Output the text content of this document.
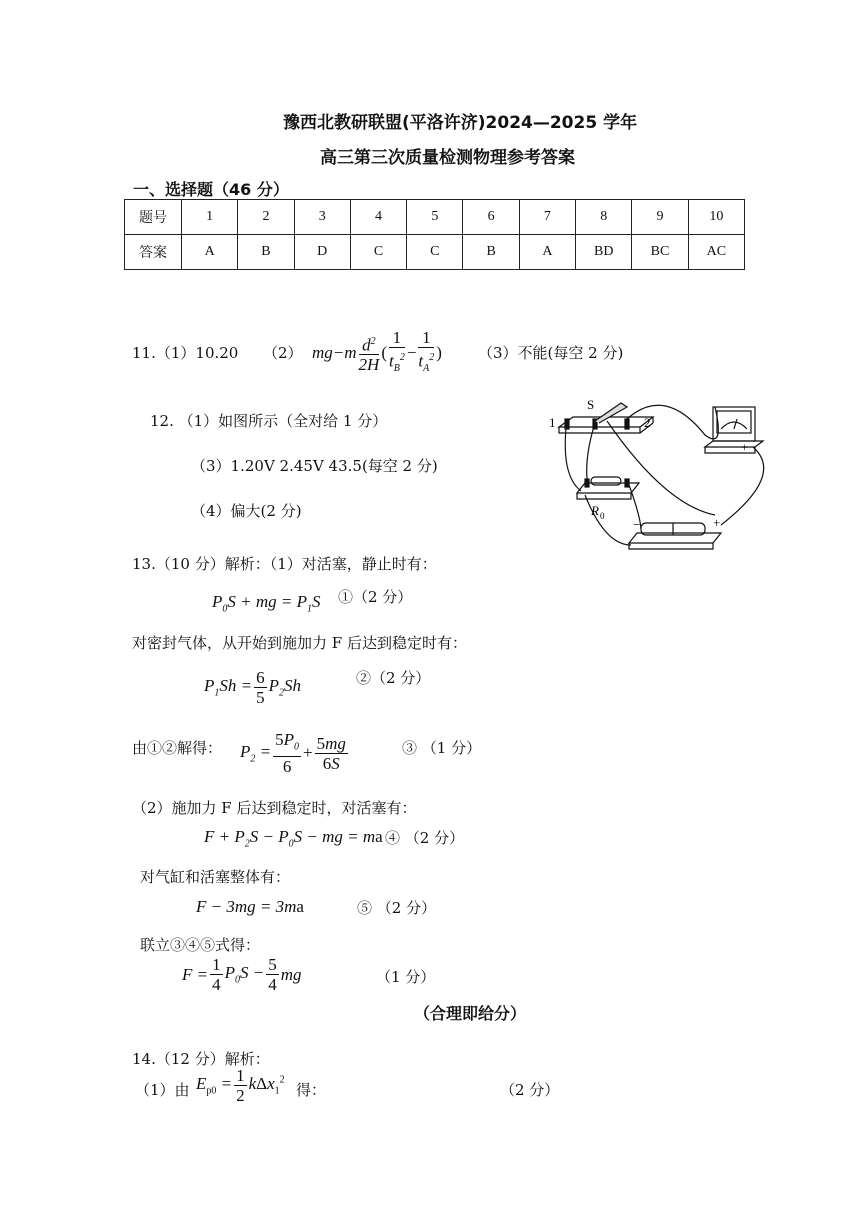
豫西北教研联盟(平洛许济)2024—2025 学年
高三第三次质量检测物理参考答案
一、选择题（46 分）
题号	1	2	3	4	5	6	7	8	9	10
答案	A	B	D	C	C	B	A	BD	BC	AC
11.（1）10.20 （2） $mg-m \frac{d^2}{2H}$ ( $\frac{1}{t_B^2} - \frac{1}{t_A^2}$ ) （3）不能(每空 2 分)
12. （1）如图所示（全对给 1 分）
（3）1.20V 2.45V 43.5(每空 2 分)
（4）偏大(2 分)
S
1	2
R 0
−	+
− +
13.（10 分）解析：（1）对活塞，静止时有：
$P_0S$ + mg = $P_1S$ ①（2 分）
对密封气体，从开始到施加力 F 后达到稳定时有：
$P_1Sh = \frac{6}{5} P_2Sh$	②（2 分）
由①②解得： $P_2 = \frac{5P_0}{6} + \frac{5mg}{6S}$	③ （1 分）
（2）施加力 F 后达到稳定时，对活塞有：
$F + P_2S - P_0S$ − mg = ma ④ （2 分）
对气缸和活塞整体有：
F − 3mg = 3ma	⑤ （2 分）
联立③④⑤式得：
$F = \frac{1}{4} P_0S - \frac{5}{4}$ mg	（1 分）
（合理即给分）
14.（12 分）解析：
（1）由 $E_{p0} = \frac{1}{2} k\Delta x_1^2$
得：	（2 分）
